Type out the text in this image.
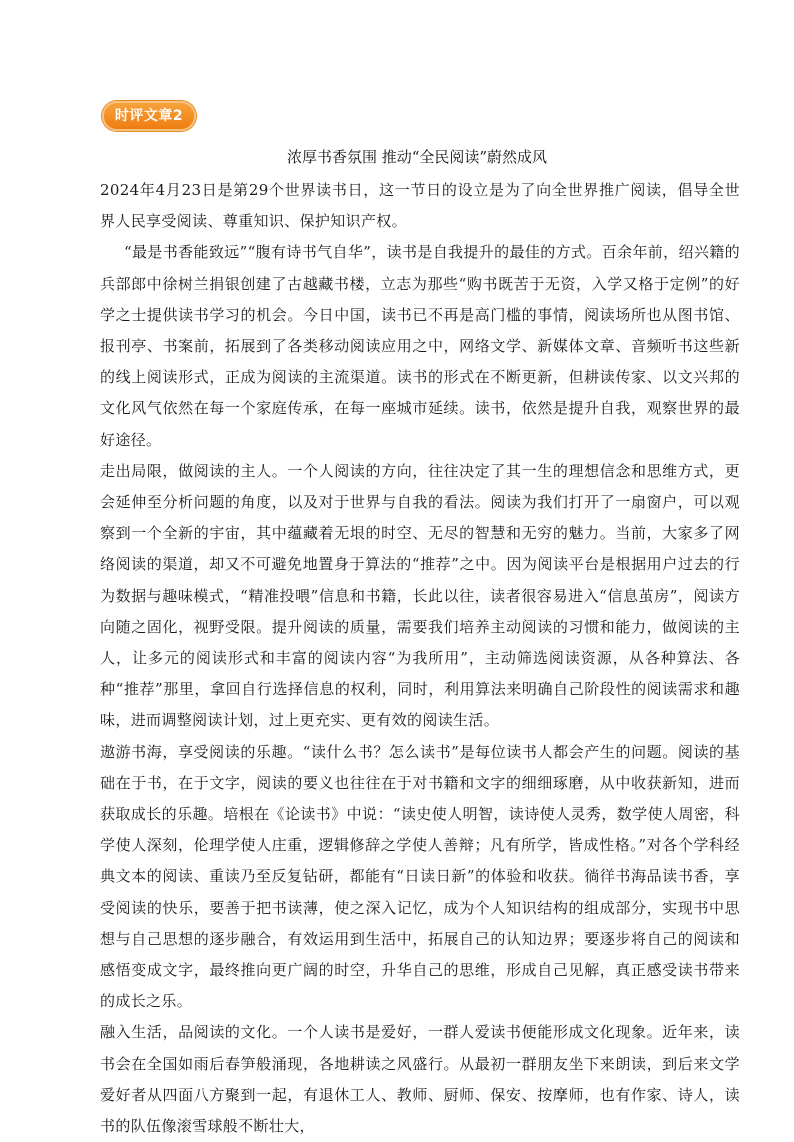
时评文章2
浓厚书香氛围 推动“全民阅读”蔚然成风

2024年4月23日是第29个世界读书日，这一节日的设立是为了向全世界推广阅读，倡导全世界人民享受阅读、尊重知识、保护知识产权。

“最是书香能致远”“腹有诗书气自华”，读书是自我提升的最佳的方式。百余年前，绍兴籍的兵部郎中徐树兰捐银创建了古越藏书楼，立志为那些“购书既苦于无资，入学又格于定例”的好学之士提供读书学习的机会。今日中国，读书已不再是高门槛的事情，阅读场所也从图书馆、报刊亭、书案前，拓展到了各类移动阅读应用之中，网络文学、新媒体文章、音频听书这些新的线上阅读形式，正成为阅读的主流渠道。读书的形式在不断更新，但耕读传家、以文兴邦的文化风气依然在每一个家庭传承，在每一座城市延续。读书，依然是提升自我，观察世界的最好途径。

走出局限，做阅读的主人。一个人阅读的方向，往往决定了其一生的理想信念和思维方式，更会延伸至分析问题的角度，以及对于世界与自我的看法。阅读为我们打开了一扇窗户，可以观察到一个全新的宇宙，其中蕴藏着无垠的时空、无尽的智慧和无穷的魅力。当前，大家多了网络阅读的渠道，却又不可避免地置身于算法的“推荐”之中。因为阅读平台是根据用户过去的行为数据与趣味模式，“精准投喂”信息和书籍，长此以往，读者很容易进入“信息茧房”，阅读方向随之固化，视野受限。提升阅读的质量，需要我们培养主动阅读的习惯和能力，做阅读的主人，让多元的阅读形式和丰富的阅读内容“为我所用”，主动筛选阅读资源，从各种算法、各种“推荐”那里，拿回自行选择信息的权利，同时，利用算法来明确自己阶段性的阅读需求和趣味，进而调整阅读计划，过上更充实、更有效的阅读生活。

遨游书海，享受阅读的乐趣。“读什么书？怎么读书”是每位读书人都会产生的问题。阅读的基础在于书，在于文字，阅读的要义也往往在于对书籍和文字的细细琢磨，从中收获新知，进而获取成长的乐趣。培根在《论读书》中说：“读史使人明智，读诗使人灵秀，数学使人周密，科学使人深刻，伦理学使人庄重，逻辑修辞之学使人善辩；凡有所学，皆成性格。”对各个学科经典文本的阅读、重读乃至反复钻研，都能有“日读日新”的体验和收获。徜徉书海品读书香，享受阅读的快乐，要善于把书读薄，使之深入记忆，成为个人知识结构的组成部分，实现书中思想与自己思想的逐步融合，有效运用到生活中，拓展自己的认知边界；要逐步将自己的阅读和感悟变成文字，最终推向更广阔的时空，升华自己的思维，形成自己见解，真正感受读书带来的成长之乐。

融入生活，品阅读的文化。一个人读书是爱好，一群人爱读书便能形成文化现象。近年来，读书会在全国如雨后春笋般涌现，各地耕读之风盛行。从最初一群朋友坐下来朗读，到后来文学爱好者从四面八方聚到一起，有退休工人、教师、厨师、保安、按摩师，也有作家、诗人，读书的队伍像滚雪球般不断壮大，
